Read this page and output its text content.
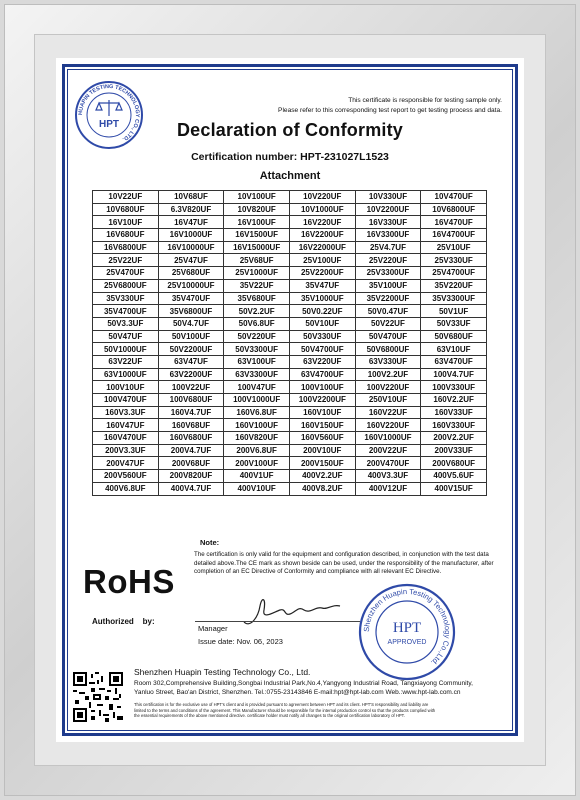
HUAPIN TESTING TECHNOLOGY CO., LTD.
HPT
This certificate is responsible for testing sample only.
Please refer to this corresponding test report to get testing process and data.
Declaration of Conformity
Certification number: HPT-231027L1523
Attachment
10V22UF	10V68UF	10V100UF	10V220UF	10V330UF	10V470UF
10V680UF	6.3V820UF	10V820UF	10V1000UF	10V2200UF	10V6800UF
16V10UF	16V47UF	16V100UF	16V220UF	16V330UF	16V470UF
16V680UF	16V1000UF	16V1500UF	16V2200UF	16V3300UF	16V4700UF
16V6800UF	16V10000UF	16V15000UF	16V22000UF	25V4.7UF	25V10UF
25V22UF	25V47UF	25V68UF	25V100UF	25V220UF	25V330UF
25V470UF	25V680UF	25V1000UF	25V2200UF	25V3300UF	25V4700UF
25V6800UF	25V10000UF	35V22UF	35V47UF	35V100UF	35V220UF
35V330UF	35V470UF	35V680UF	35V1000UF	35V2200UF	35V3300UF
35V4700UF	35V6800UF	50V2.2UF	50V0.22UF	50V0.47UF	50V1UF
50V3.3UF	50V4.7UF	50V6.8UF	50V10UF	50V22UF	50V33UF
50V47UF	50V100UF	50V220UF	50V330UF	50V470UF	50V680UF
50V1000UF	50V2200UF	50V3300UF	50V4700UF	50V6800UF	63V10UF
63V22UF	63V47UF	63V100UF	63V220UF	63V330UF	63V470UF
63V1000UF	63V2200UF	63V3300UF	63V4700UF	100V2.2UF	100V4.7UF
100V10UF	100V22UF	100V47UF	100V100UF	100V220UF	100V330UF
100V470UF	100V680UF	100V1000UF	100V2200UF	250V10UF	160V2.2UF
160V3.3UF	160V4.7UF	160V6.8UF	160V10UF	160V22UF	160V33UF
160V47UF	160V68UF	160V100UF	160V150UF	160V220UF	160V330UF
160V470UF	160V680UF	160V820UF	160V560UF	160V1000UF	200V2.2UF
200V3.3UF	200V4.7UF	200V6.8UF	200V10UF	200V22UF	200V33UF
200V47UF	200V68UF	200V100UF	200V150UF	200V470UF	200V680UF
200V560UF	200V820UF	400V1UF	400V2.2UF	400V3.3UF	400V5.6UF
400V6.8UF	400V4.7UF	400V10UF	400V8.2UF	400V12UF	400V15UF
Note:
The certification is only valid for the equipment and configuration described, in conjunction with the test data detailed above.The CE mark as shown beside can be used, under the responsibility of the manufacturer, after completion of an EC Directive of Conformity and compliance with all relevant EC Directive.
RoHS
Authorized    by:
Manager
Issue date: Nov. 06, 2023
Shenzhen Huapin Testing Technology Co.,Ltd.
HPT
APPROVED
Shenzhen Huapin Testing Technology Co., Ltd.
Room 302,Comprehensive Building,Songbai Industrial Park,No.4,Yangyong Industrial Road, Tangxiayong Community,
Yanluo Street, Bao'an District, Shenzhen. Tel.:0755-23143846 E-mail:hpt@hpt-lab.com Web.:www.hpt-lab.com.cn
This certification is for the exclusive use of HPT's client and is provided pursuant to agreement between HPT and its client. HPT'S responsibility and liability are
limited to the terms and conditions of the agreement. This Manufacturer should be responsible for the internal production control so that the products complied with
the essential requirements of the above mentioned directive. certificate holder must notify all changes to the original certification laboratory of HPT.
